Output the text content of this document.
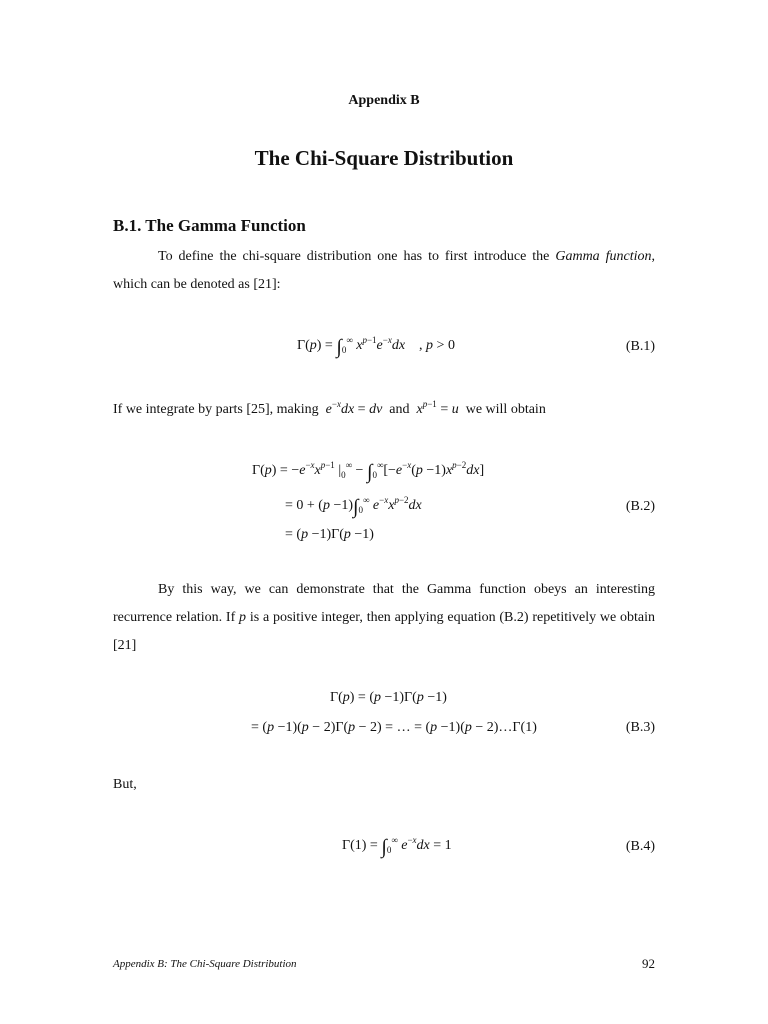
Appendix B
The Chi-Square Distribution
B.1. The Gamma Function
To define the chi-square distribution one has to first introduce the Gamma function, which can be denoted as [21]:
$\Gamma(p) = \int_0^\infty$ $x^{p-1}e^{-x}dx$    , p > 0	(B.1)
If we integrate by parts [25], making $e^{-x}dx$ = dv and $x^{p-1} = u$ we will obtain
$\Gamma(p) = -e^{-x}x^{p-1}$ $|_0^\infty - \int_0^\infty[-e^{-x}(p -1)x^{p-2}dx]$
= $0 + (p -1)\int_0^\infty$ $e^{-x}x^{p-2}dx$
= (p −1)Γ(p −1)
(B.2)
By this way, we can demonstrate that the Gamma function obeys an interesting recurrence relation. If p is a positive integer, then applying equation (B.2) repetitively we obtain [21]
Γ(p) = (p −1)Γ(p −1)
= (p −1)(p − 2)Γ(p − 2) = … = (p −1)(p − 2)…Γ(1)	(B.3)
But,
$\Gamma(1) = \int_0^\infty$ $e^{-x}dx = 1$	(B.4)
Appendix B: The Chi-Square Distribution	92
